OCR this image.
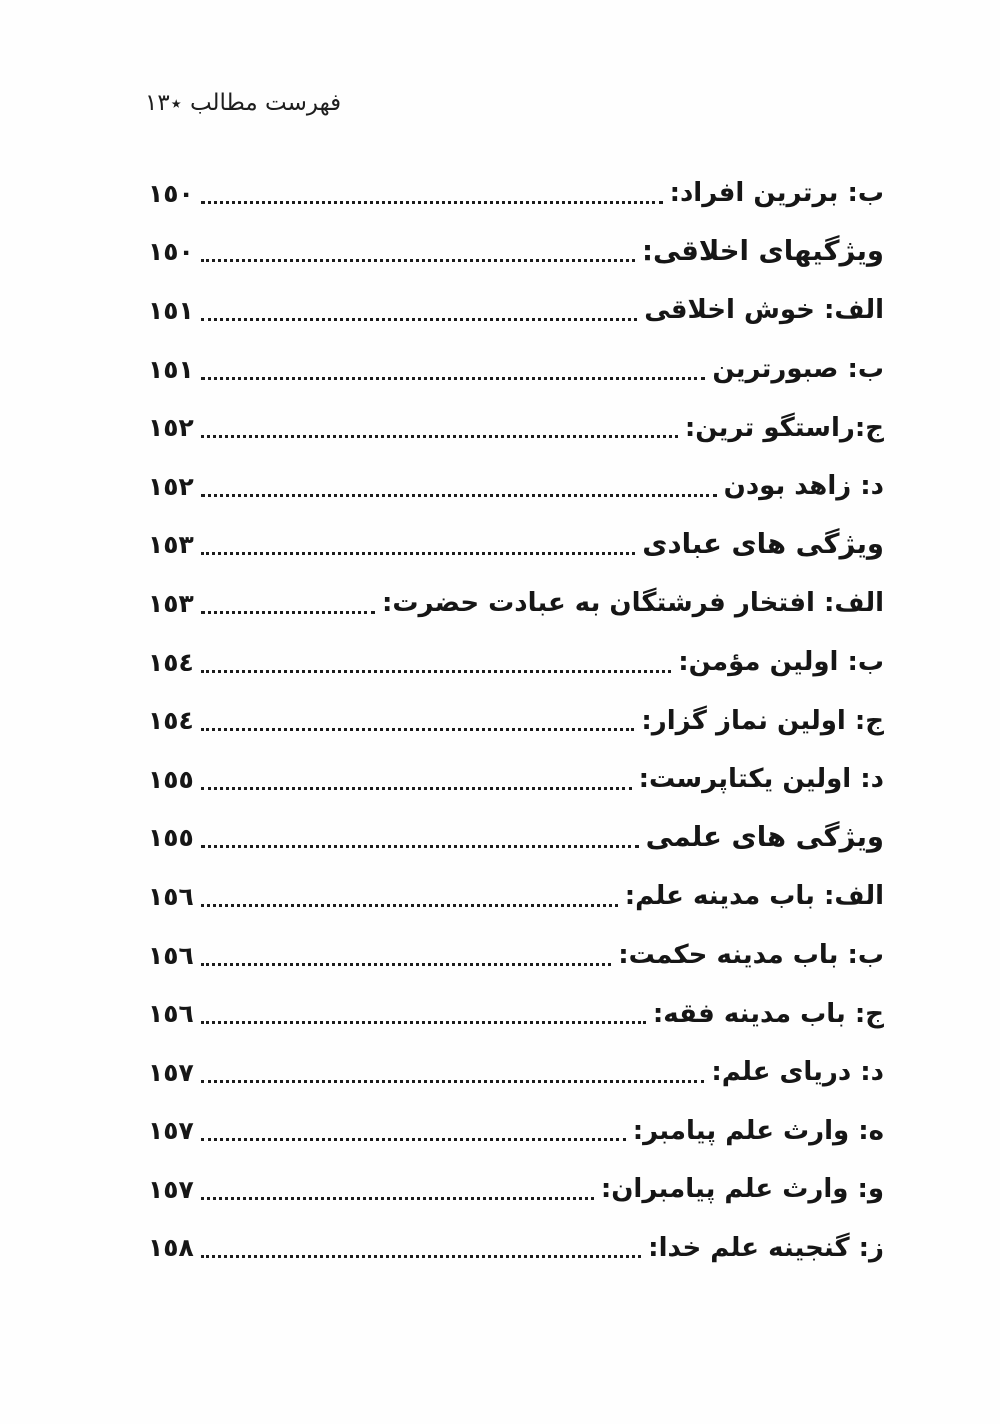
فهرست مطالب ٭١٣
ب: برترین افراد:
١٥٠
ویژگیهای اخلاقی:
١٥٠
الف: خوش اخلاقی
١٥١
ب: صبورترین
١٥١
ج:راستگو ترین:
١٥٢
د: زاهد بودن
١٥٢
ویژگی های عبادی
١٥٣
الف: افتخار فرشتگان به عبادت حضرت:
١٥٣
ب: اولین مؤمن:
١٥٤
ج: اولین نماز گزار:
١٥٤
د: اولین یکتاپرست:
١٥٥
ویژگی های علمی
١٥٥
الف: باب مدینه علم:
١٥٦
ب: باب مدینه حکمت:
١٥٦
ج: باب مدینه فقه:
١٥٦
د: دریای علم:
١٥٧
ه: وارث علم پیامبر:
١٥٧
و: وارث علم پیامبران:
١٥٧
ز: گنجینه علم خدا:
١٥٨
